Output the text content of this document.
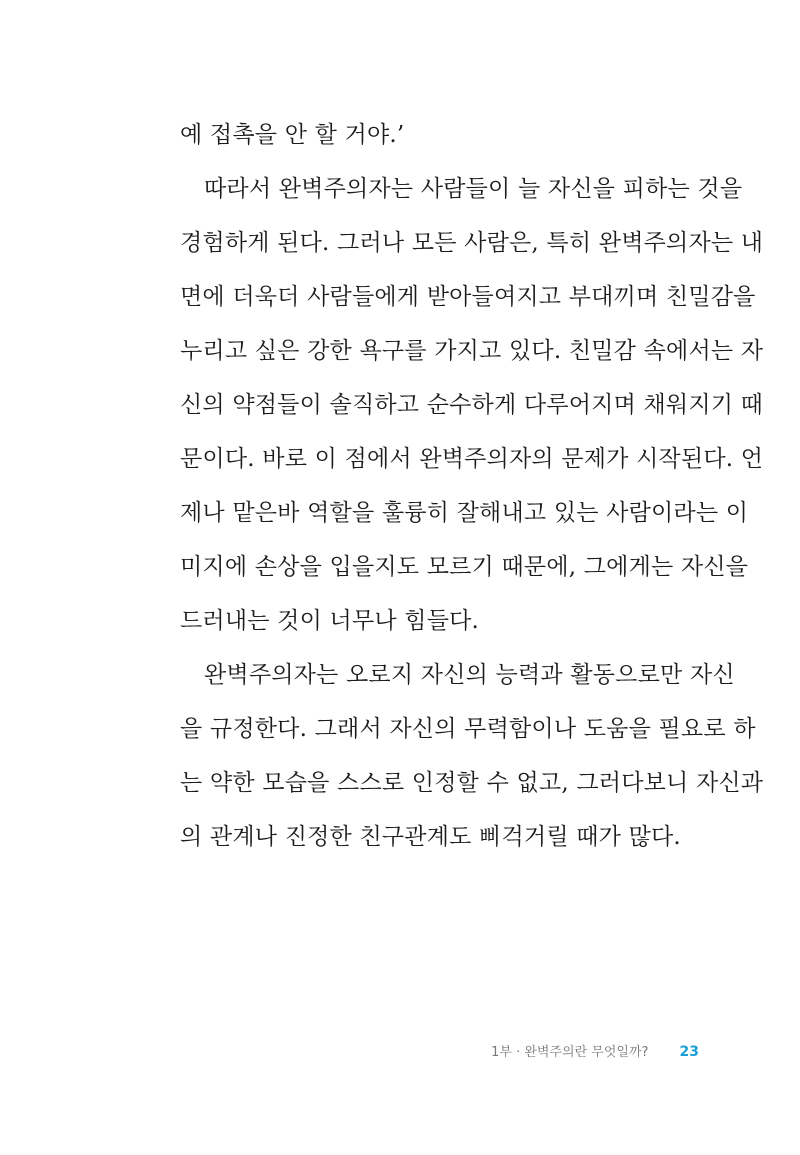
예 접촉을 안 할 거야.’
따라서 완벽주의자는 사람들이 늘 자신을 피하는 것을
경험하게 된다. 그러나 모든 사람은, 특히 완벽주의자는 내
면에 더욱더 사람들에게 받아들여지고 부대끼며 친밀감을
누리고 싶은 강한 욕구를 가지고 있다. 친밀감 속에서는 자
신의 약점들이 솔직하고 순수하게 다루어지며 채워지기 때
문이다. 바로 이 점에서 완벽주의자의 문제가 시작된다. 언
제나 맡은바 역할을 훌륭히 잘해내고 있는 사람이라는 이
미지에 손상을 입을지도 모르기 때문에, 그에게는 자신을
드러내는 것이 너무나 힘들다.
완벽주의자는 오로지 자신의 능력과 활동으로만 자신
을 규정한다. 그래서 자신의 무력함이나 도움을 필요로 하
는 약한 모습을 스스로 인정할 수 없고, 그러다보니 자신과
의 관계나 진정한 친구관계도 삐걱거릴 때가 많다.
1부 · 완벽주의란 무엇일까? 23
